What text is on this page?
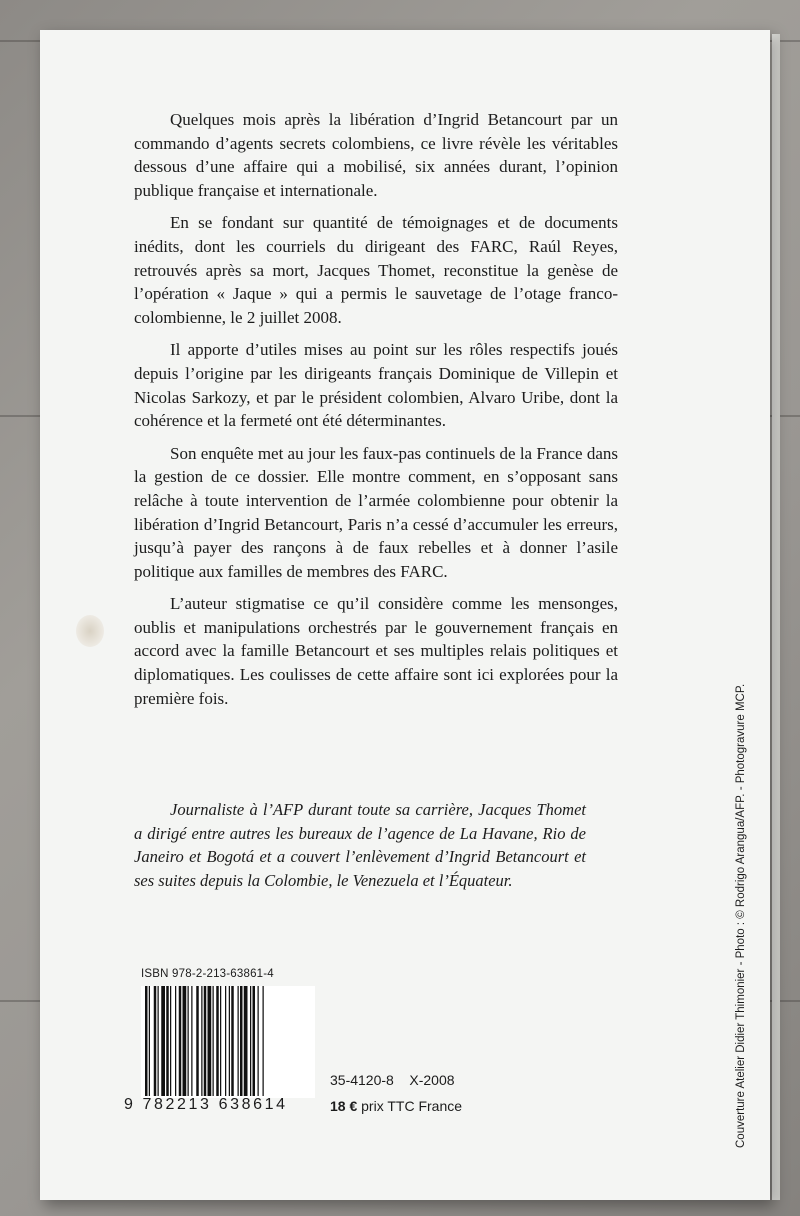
Quelques mois après la libération d’Ingrid Betancourt par un commando d’agents secrets colombiens, ce livre révèle les véritables dessous d’une affaire qui a mobilisé, six années durant, l’opinion publique française et internationale.

En se fondant sur quantité de témoignages et de documents inédits, dont les courriels du dirigeant des FARC, Raúl Reyes, retrouvés après sa mort, Jacques Thomet, reconstitue la genèse de l’opération « Jaque » qui a permis le sauvetage de l’otage franco-colombienne, le 2 juillet 2008.

Il apporte d’utiles mises au point sur les rôles respectifs joués depuis l’origine par les dirigeants français Dominique de Villepin et Nicolas Sarkozy, et par le président colombien, Alvaro Uribe, dont la cohérence et la fermeté ont été déterminantes.

Son enquête met au jour les faux-pas continuels de la France dans la gestion de ce dossier. Elle montre comment, en s’opposant sans relâche à toute intervention de l’armée colombienne pour obtenir la libération d’Ingrid Betancourt, Paris n’a cessé d’accumuler les erreurs, jusqu’à payer des rançons à de faux rebelles et à donner l’asile politique aux familles de membres des FARC.

L’auteur stigmatise ce qu’il considère comme les mensonges, oublis et manipulations orchestrés par le gouvernement français en accord avec la famille Betancourt et ses multiples relais politiques et diplomatiques. Les coulisses de cette affaire sont ici explorées pour la première fois.

Journaliste à l’AFP durant toute sa carrière, Jacques Thomet a dirigé entre autres les bureaux de l’agence de La Havane, Rio de Janeiro et Bogotá et a couvert l’enlèvement d’Ingrid Betancourt et ses suites depuis la Colombie, le Venezuela et l’Équateur.

ISBN 978-2-213-63861-4
9 782213 638614
35-4120-8    X-2008
18 € prix TTC France	Couverture Atelier Didier Thimonier - Photo : © Rodrigo Arangua/AFP. - Photogravure MCP.
